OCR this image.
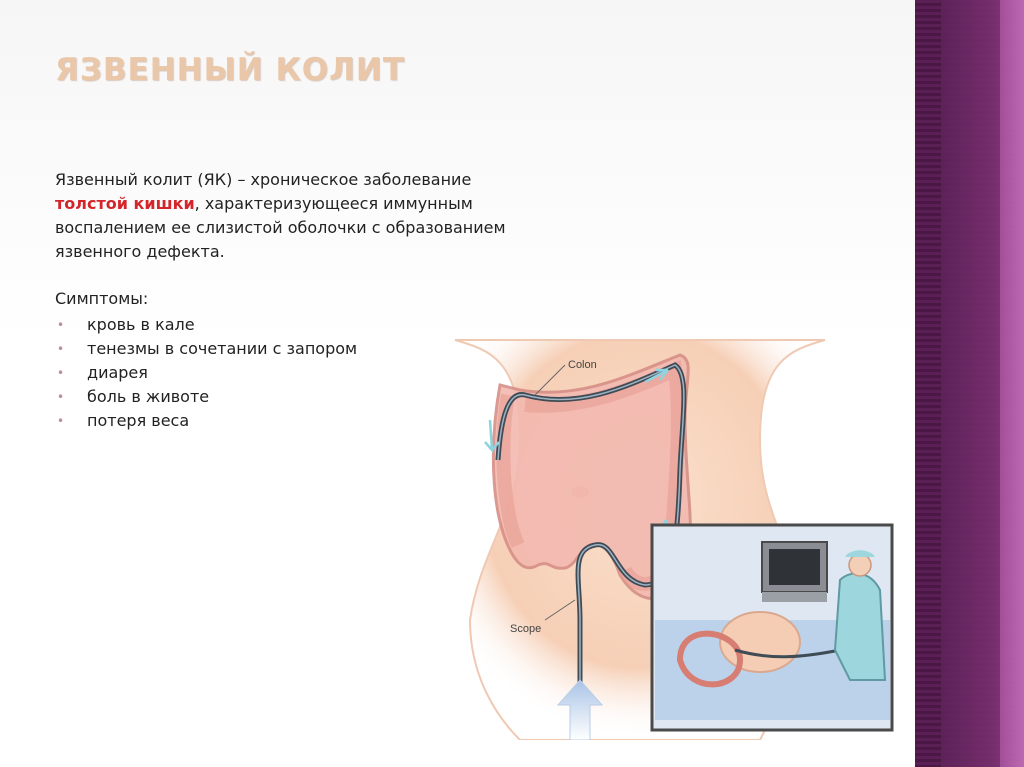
ЯЗВЕННЫЙ КОЛИТ
Язвенный колит (ЯК) – хроническое заболевание толстой кишки, характеризующееся иммунным воспалением ее слизистой оболочки с образованием язвенного дефекта.
Симптомы:
• кровь в кале
• тенезмы в сочетании с запором
• диарея
• боль в животе
• потеря веса
Colon
Scope
